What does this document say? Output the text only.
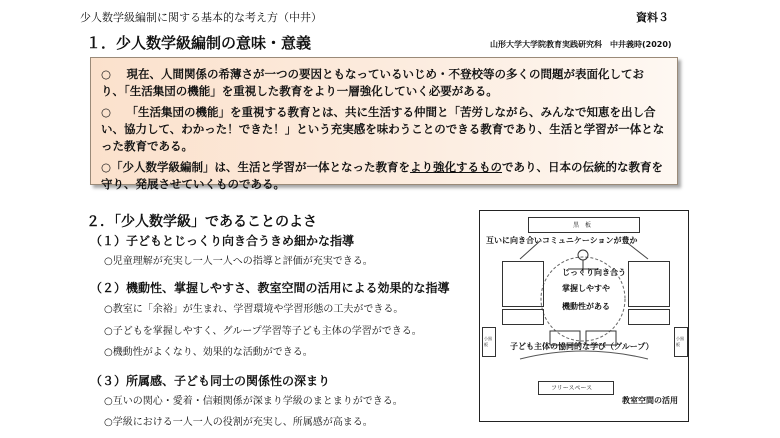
少人数学級編制に関する基本的な考え方（中井）	資料３
１．少人数学級編制の意味・意義	山形大学大学院教育実践研究科　中井義時(2020)

○　 現在、人間関係の希薄さが一つの要因ともなっているいじめ・不登校等の多くの問題が表面化しており、「生活集団の機能」を重視した教育をより一層強化していく必要がある。

○　 「生活集団の機能」を重視する教育とは、共に生活する仲間と「苦労しながら、みんなで知恵を出し合い、協力して、わかった！できた！」という充実感を味わうことのできる教育であり、生活と学習が一体となった教育である。

○「少人数学級編制」は、生活と学習が一体となった教育をより強化するものであり、日本の伝統的な教育を守り、発展させていくものである。

２．「少人数学級」であることのよさ
（１）子どもとじっくり向き合うきめ細かな指導
○児童理解が充実し一人一人への指導と評価が充実できる。
（２）機動性、掌握しやすさ、教室空間の活用による効果的な指導
○教室に「余裕」が生まれ、学習環境や学習形態の工夫ができる。
○子どもを掌握しやすく、グループ学習等子ども主体の学習ができる。
○機動性がよくなり、効果的な活動ができる。
（３）所属感、子ども同士の関係性の深まり
○互いの関心・愛着・信頼関係が深まり学級のまとまりができる。
○学級における一人一人の役割が充実し、所属感が高まる。
黒　板
互いに向き合いコミュニケーションが豊か
じっくり向き合う
掌握しやすや
機動性がある
小黒板
小黒板
子ども主体の協同的な学び（グループ）
フリースペース
教室空間の活用
